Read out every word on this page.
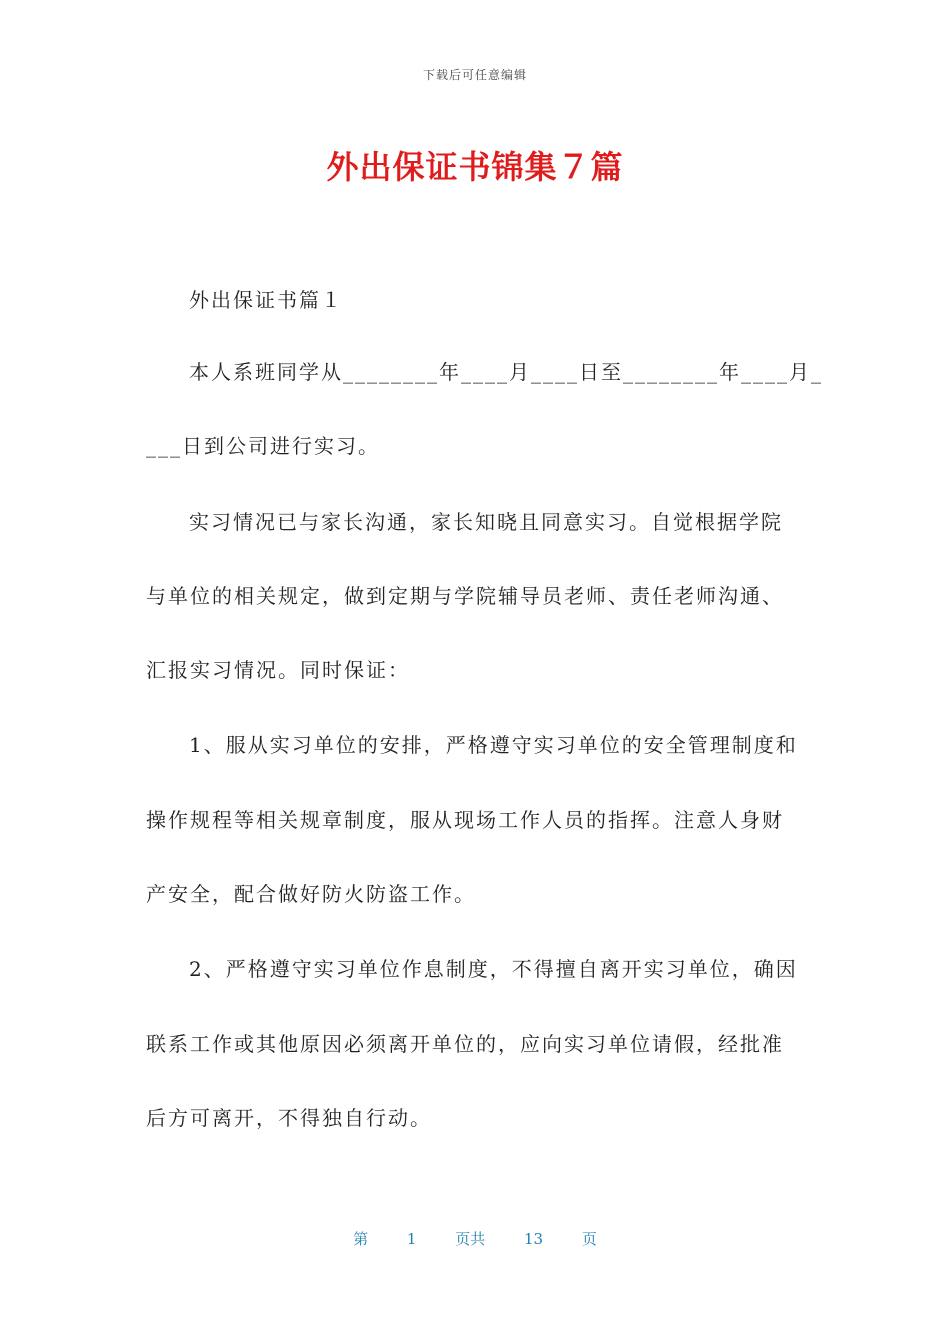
下载后可任意编辑
外出保证书锦集７篇
外出保证书篇１
本人系班同学从________年____月____日至________年____月_
___日到公司进行实习。
实习情况已与家长沟通，家长知晓且同意实习。自觉根据学院
与单位的相关规定，做到定期与学院辅导员老师、责任老师沟通、
汇报实习情况。同时保证：
1、服从实习单位的安排，严格遵守实习单位的安全管理制度和
操作规程等相关规章制度，服从现场工作人员的指挥。注意人身财
产安全，配合做好防火防盗工作。
2、严格遵守实习单位作息制度，不得擅自离开实习单位，确因
联系工作或其他原因必须离开单位的，应向实习单位请假，经批准
后方可离开，不得独自行动。
第	1	页共	13	页
